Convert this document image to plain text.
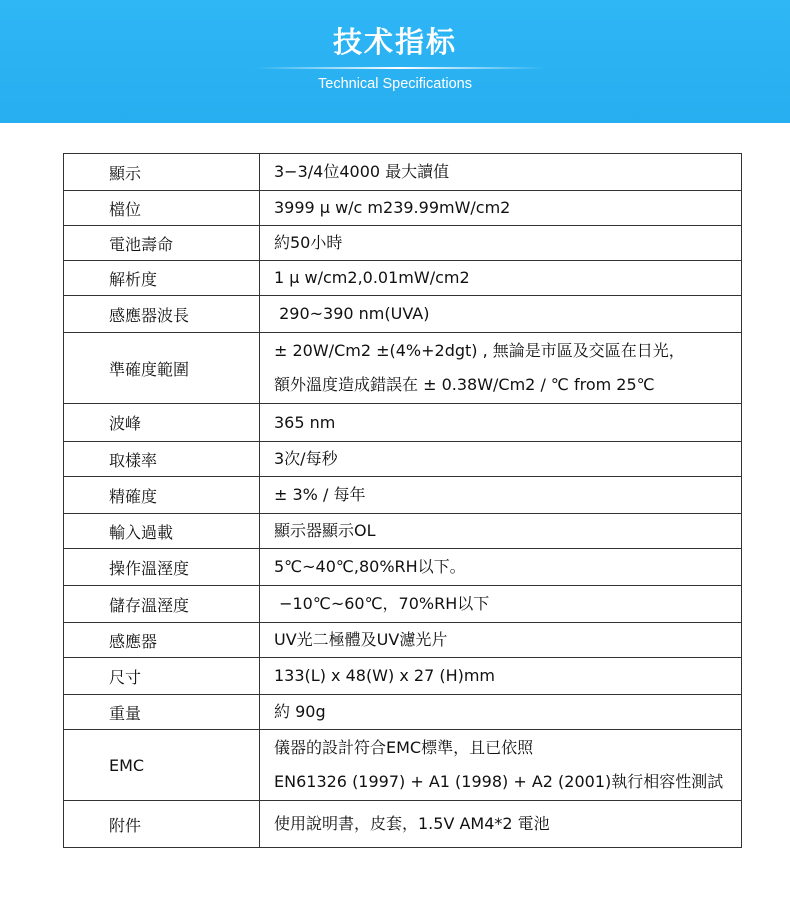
技术指标
Technical Specifications
顯示	3−3/4位4000 最大讀值

檔位	3999 µ w/c m239.99mW/cm2

電池壽命	約50小時

解析度	1 µ w/cm2,0.01mW/cm2

感應器波長	290~390 nm(UVA)

準確度範圍	± 20W/Cm2 ±(4%+2dgt) , 無論是市區及交區在日光，
額外溫度造成錯誤在 ± 0.38W/Cm2 / ℃ from 25℃

波峰	365 nm

取樣率	3次/每秒

精確度	± 3% / 每年

輸入過載	顯示器顯示OL

操作溫溼度	5℃~40℃,80%RH以下。

儲存溫溼度	−10℃~60℃，70%RH以下

感應器	UV光二極體及UV濾光片

尺寸	133(L) x 48(W) x 27 (H)mm

重量	約 90g

EMC	儀器的設計符合EMC標準，且已依照
EN61326 (1997) + A1 (1998) + A2 (2001)執行相容性測試

附件	使用說明書，皮套，1.5V AM4*2 電池
